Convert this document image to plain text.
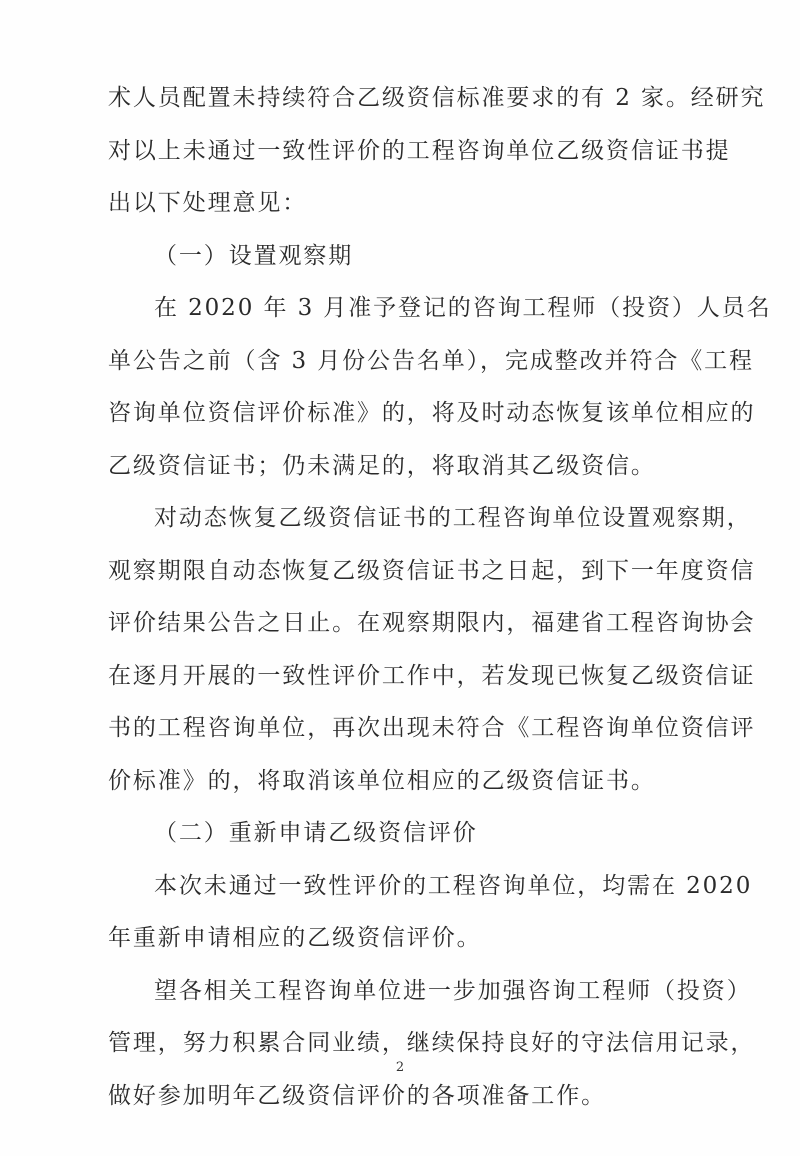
术人员配置未持续符合乙级资信标准要求的有 2 家。经研究
对以上未通过一致性评价的工程咨询单位乙级资信证书提
出以下处理意见：
（一）设置观察期
在 2020 年 3 月准予登记的咨询工程师（投资）人员名
单公告之前（含 3 月份公告名单），完成整改并符合《工程
咨询单位资信评价标准》的，将及时动态恢复该单位相应的
乙级资信证书；仍未满足的，将取消其乙级资信。
对动态恢复乙级资信证书的工程咨询单位设置观察期，
观察期限自动态恢复乙级资信证书之日起，到下一年度资信
评价结果公告之日止。在观察期限内，福建省工程咨询协会
在逐月开展的一致性评价工作中，若发现已恢复乙级资信证
书的工程咨询单位，再次出现未符合《工程咨询单位资信评
价标准》的，将取消该单位相应的乙级资信证书。
（二）重新申请乙级资信评价
本次未通过一致性评价的工程咨询单位，均需在 2020
年重新申请相应的乙级资信评价。
望各相关工程咨询单位进一步加强咨询工程师（投资）
管理，努力积累合同业绩，继续保持良好的守法信用记录，
做好参加明年乙级资信评价的各项准备工作。
2
